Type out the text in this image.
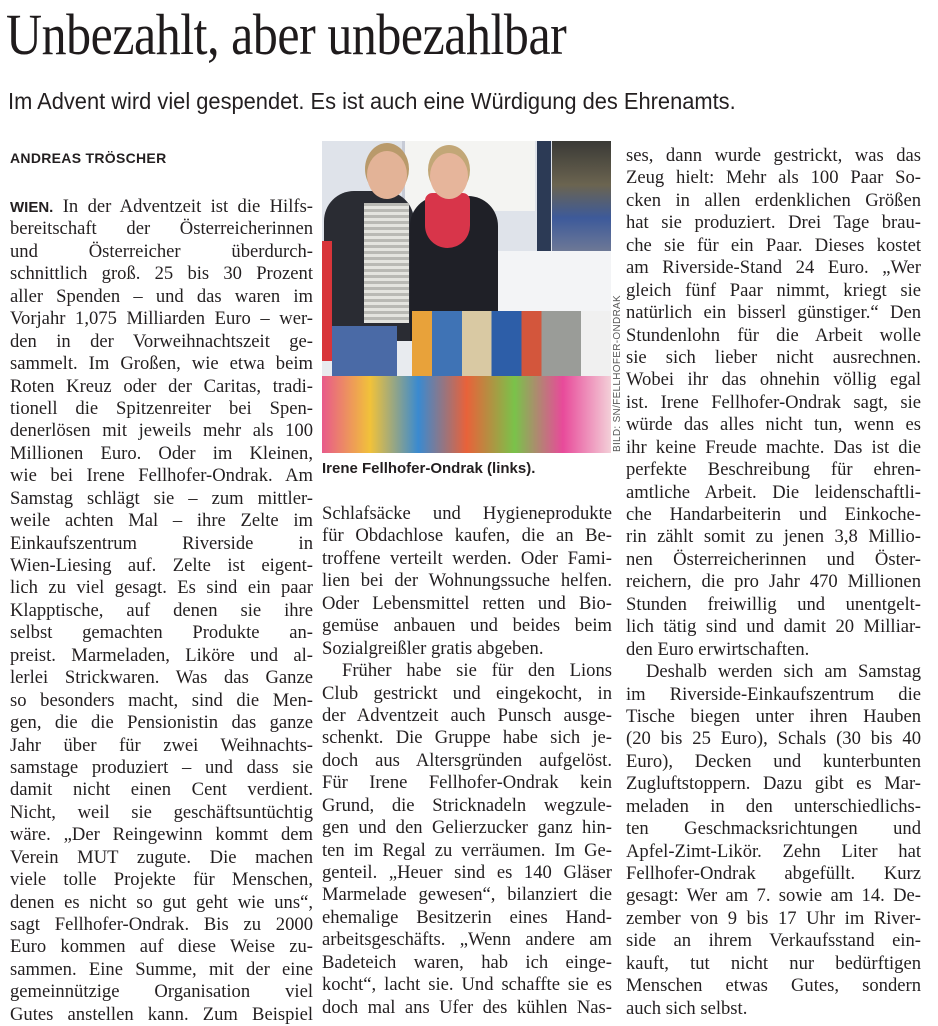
Unbezahlt, aber unbezahlbar
Im Advent wird viel gespendet. Es ist auch eine Würdigung des Ehrenamts.
ANDREAS TRÖSCHER
WIEN. In der Adventzeit ist die Hilfs-
bereitschaft der Österreicherinnen
und Österreicher überdurch-
schnittlich groß. 25 bis 30 Prozent
aller Spenden – und das waren im
Vorjahr 1,075 Milliarden Euro – wer-
den in der Vorweihnachtszeit ge-
sammelt. Im Großen, wie etwa beim
Roten Kreuz oder der Caritas, tradi-
tionell die Spitzenreiter bei Spen-
denerlösen mit jeweils mehr als 100
Millionen Euro. Oder im Kleinen,
wie bei Irene Fellhofer-Ondrak. Am
Samstag schlägt sie – zum mittler-
weile achten Mal – ihre Zelte im
Einkaufszentrum Riverside in
Wien-Liesing auf. Zelte ist eigent-
lich zu viel gesagt. Es sind ein paar
Klapptische, auf denen sie ihre
selbst gemachten Produkte an-
preist. Marmeladen, Liköre und al-
lerlei Strickwaren. Was das Ganze
so besonders macht, sind die Men-
gen, die die Pensionistin das ganze
Jahr über für zwei Weihnachts-
samstage produziert – und dass sie
damit nicht einen Cent verdient.
Nicht, weil sie geschäftsuntüchtig
wäre. „Der Reingewinn kommt dem
Verein MUT zugute. Die machen
viele tolle Projekte für Menschen,
denen es nicht so gut geht wie uns“,
sagt Fellhofer-Ondrak. Bis zu 2000
Euro kommen auf diese Weise zu-
sammen. Eine Summe, mit der eine
gemeinnützige Organisation viel
Gutes anstellen kann. Zum Beispiel
BILD: SN/FELLHOFER-ONDRAK
Irene Fellhofer-Ondrak (links).
Schlafsäcke und Hygieneprodukte
für Obdachlose kaufen, die an Be-
troffene verteilt werden. Oder Fami-
lien bei der Wohnungssuche helfen.
Oder Lebensmittel retten und Bio-
gemüse anbauen und beides beim
Sozialgreißler gratis abgeben.
Früher habe sie für den Lions
Club gestrickt und eingekocht, in
der Adventzeit auch Punsch ausge-
schenkt. Die Gruppe habe sich je-
doch aus Altersgründen aufgelöst.
Für Irene Fellhofer-Ondrak kein
Grund, die Stricknadeln wegzule-
gen und den Gelierzucker ganz hin-
ten im Regal zu verräumen. Im Ge-
genteil. „Heuer sind es 140 Gläser
Marmelade gewesen“, bilanziert die
ehemalige Besitzerin eines Hand-
arbeitsgeschäfts. „Wenn andere am
Badeteich waren, hab ich einge-
kocht“, lacht sie. Und schaffte sie es
doch mal ans Ufer des kühlen Nas-
ses, dann wurde gestrickt, was das
Zeug hielt: Mehr als 100 Paar So-
cken in allen erdenklichen Größen
hat sie produziert. Drei Tage brau-
che sie für ein Paar. Dieses kostet
am Riverside-Stand 24 Euro. „Wer
gleich fünf Paar nimmt, kriegt sie
natürlich ein bisserl günstiger.“ Den
Stundenlohn für die Arbeit wolle
sie sich lieber nicht ausrechnen.
Wobei ihr das ohnehin völlig egal
ist. Irene Fellhofer-Ondrak sagt, sie
würde das alles nicht tun, wenn es
ihr keine Freude machte. Das ist die
perfekte Beschreibung für ehren-
amtliche Arbeit. Die leidenschaftli-
che Handarbeiterin und Einkoche-
rin zählt somit zu jenen 3,8 Millio-
nen Österreicherinnen und Öster-
reichern, die pro Jahr 470 Millionen
Stunden freiwillig und unentgelt-
lich tätig sind und damit 20 Milliar-
den Euro erwirtschaften.
Deshalb werden sich am Samstag
im Riverside-Einkaufszentrum die
Tische biegen unter ihren Hauben
(20 bis 25 Euro), Schals (30 bis 40
Euro), Decken und kunterbunten
Zugluftstoppern. Dazu gibt es Mar-
meladen in den unterschiedlichs-
ten Geschmacksrichtungen und
Apfel-Zimt-Likör. Zehn Liter hat
Fellhofer-Ondrak abgefüllt. Kurz
gesagt: Wer am 7. sowie am 14. De-
zember von 9 bis 17 Uhr im River-
side an ihrem Verkaufsstand ein-
kauft, tut nicht nur bedürftigen
Menschen etwas Gutes, sondern
auch sich selbst.
